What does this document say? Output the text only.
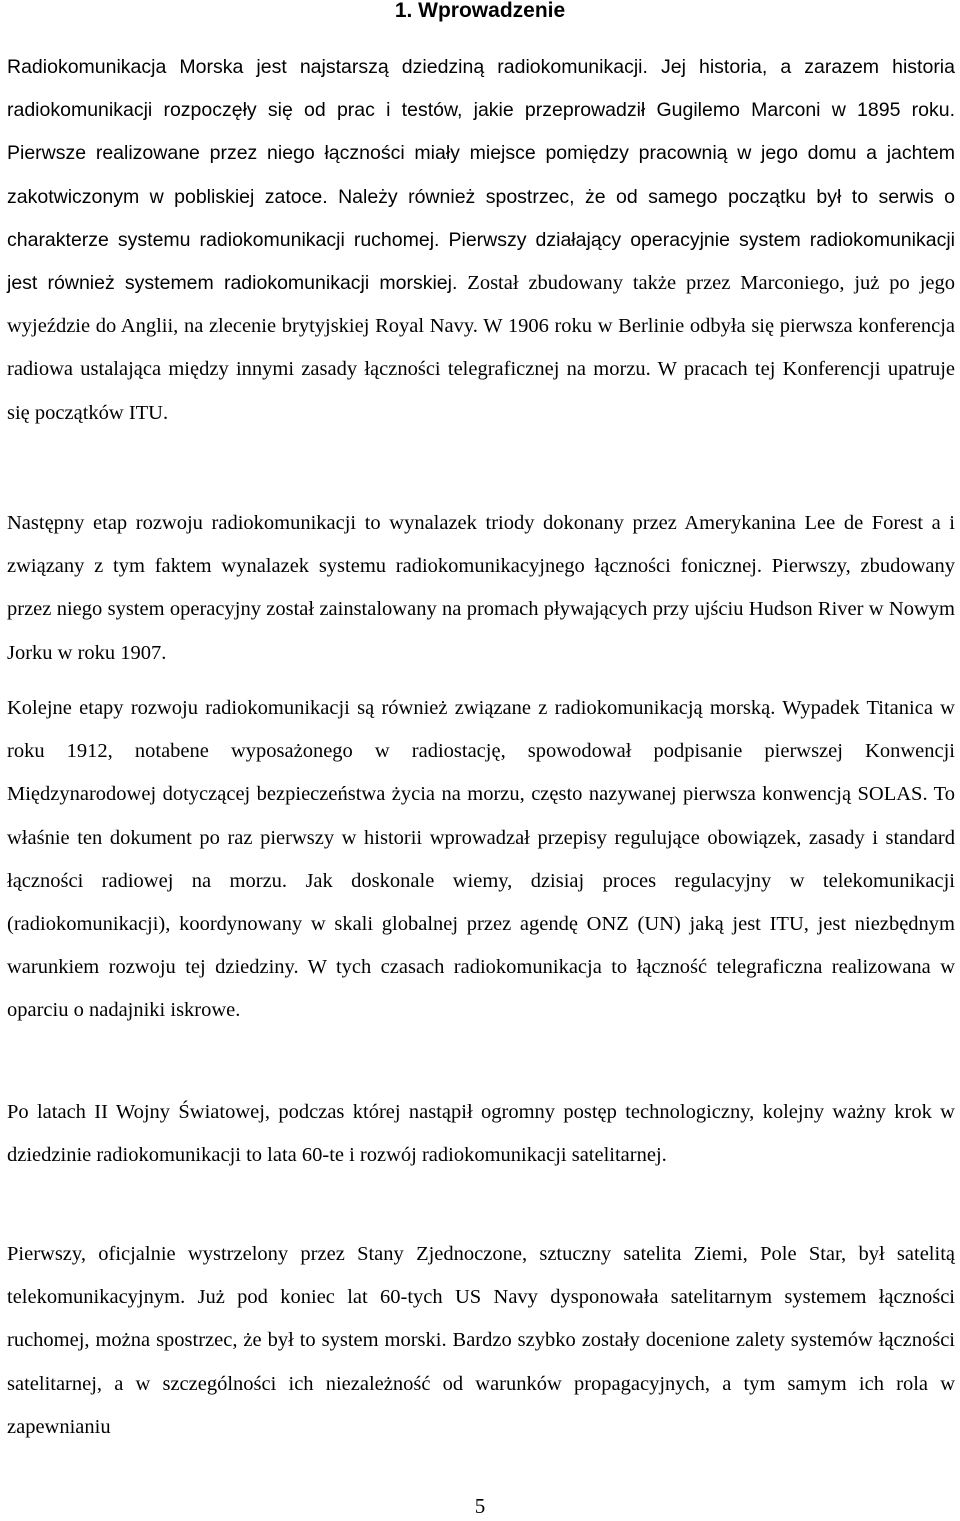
1. Wprowadzenie

Radiokomunikacja Morska jest najstarszą dziedziną radiokomunikacji. Jej historia, a zarazem historia radiokomunikacji rozpoczęły się od prac i testów, jakie przeprowadził Gugilemo Marconi w 1895 roku. Pierwsze realizowane przez niego łączności miały miejsce pomiędzy pracownią w jego domu a jachtem zakotwiczonym w pobliskiej zatoce. Należy również spostrzec, że od samego początku był to serwis o charakterze systemu radiokomunikacji ruchomej. Pierwszy działający operacyjnie system radiokomunikacji jest również systemem radiokomunikacji morskiej. Został zbudowany także przez Marconiego, już po jego wyjeździe do Anglii, na zlecenie brytyjskiej Royal Navy. W 1906 roku w Berlinie odbyła się pierwsza konferencja radiowa ustalająca między innymi zasady łączności telegraficznej na morzu. W pracach tej Konferencji upatruje się początków ITU.

Następny etap rozwoju radiokomunikacji to wynalazek triody dokonany przez Amerykanina Lee de Forest a i związany z tym faktem wynalazek systemu radiokomunikacyjnego łączności fonicznej. Pierwszy, zbudowany przez niego system operacyjny został zainstalowany na promach pływających przy ujściu Hudson River w Nowym Jorku w roku 1907.

Kolejne etapy rozwoju radiokomunikacji są również związane z radiokomunikacją morską. Wypadek Titanica w roku 1912, notabene wyposażonego w radiostację, spowodował podpisanie pierwszej Konwencji Międzynarodowej dotyczącej bezpieczeństwa życia na morzu, często nazywanej pierwsza konwencją SOLAS. To właśnie ten dokument po raz pierwszy w historii wprowadzał przepisy regulujące obowiązek, zasady i standard łączności radiowej na morzu. Jak doskonale wiemy, dzisiaj proces regulacyjny w telekomunikacji (radiokomunikacji), koordynowany w skali globalnej przez agendę ONZ (UN) jaką jest ITU, jest niezbędnym warunkiem rozwoju tej dziedziny. W tych czasach radiokomunikacja to łączność telegraficzna realizowana w oparciu o nadajniki iskrowe.

Po latach II Wojny Światowej, podczas której nastąpił ogromny postęp technologiczny, kolejny ważny krok w dziedzinie radiokomunikacji to lata 60-te i rozwój radiokomunikacji satelitarnej.

Pierwszy, oficjalnie wystrzelony przez Stany Zjednoczone, sztuczny satelita Ziemi, Pole Star, był satelitą telekomunikacyjnym. Już pod koniec lat 60-tych US Navy dysponowała satelitarnym systemem łączności ruchomej, można spostrzec, że był to system morski. Bardzo szybko zostały docenione zalety systemów łączności satelitarnej, a w szczególności ich niezależność od warunków propagacyjnych, a tym samym ich rola w zapewnianiu

5
